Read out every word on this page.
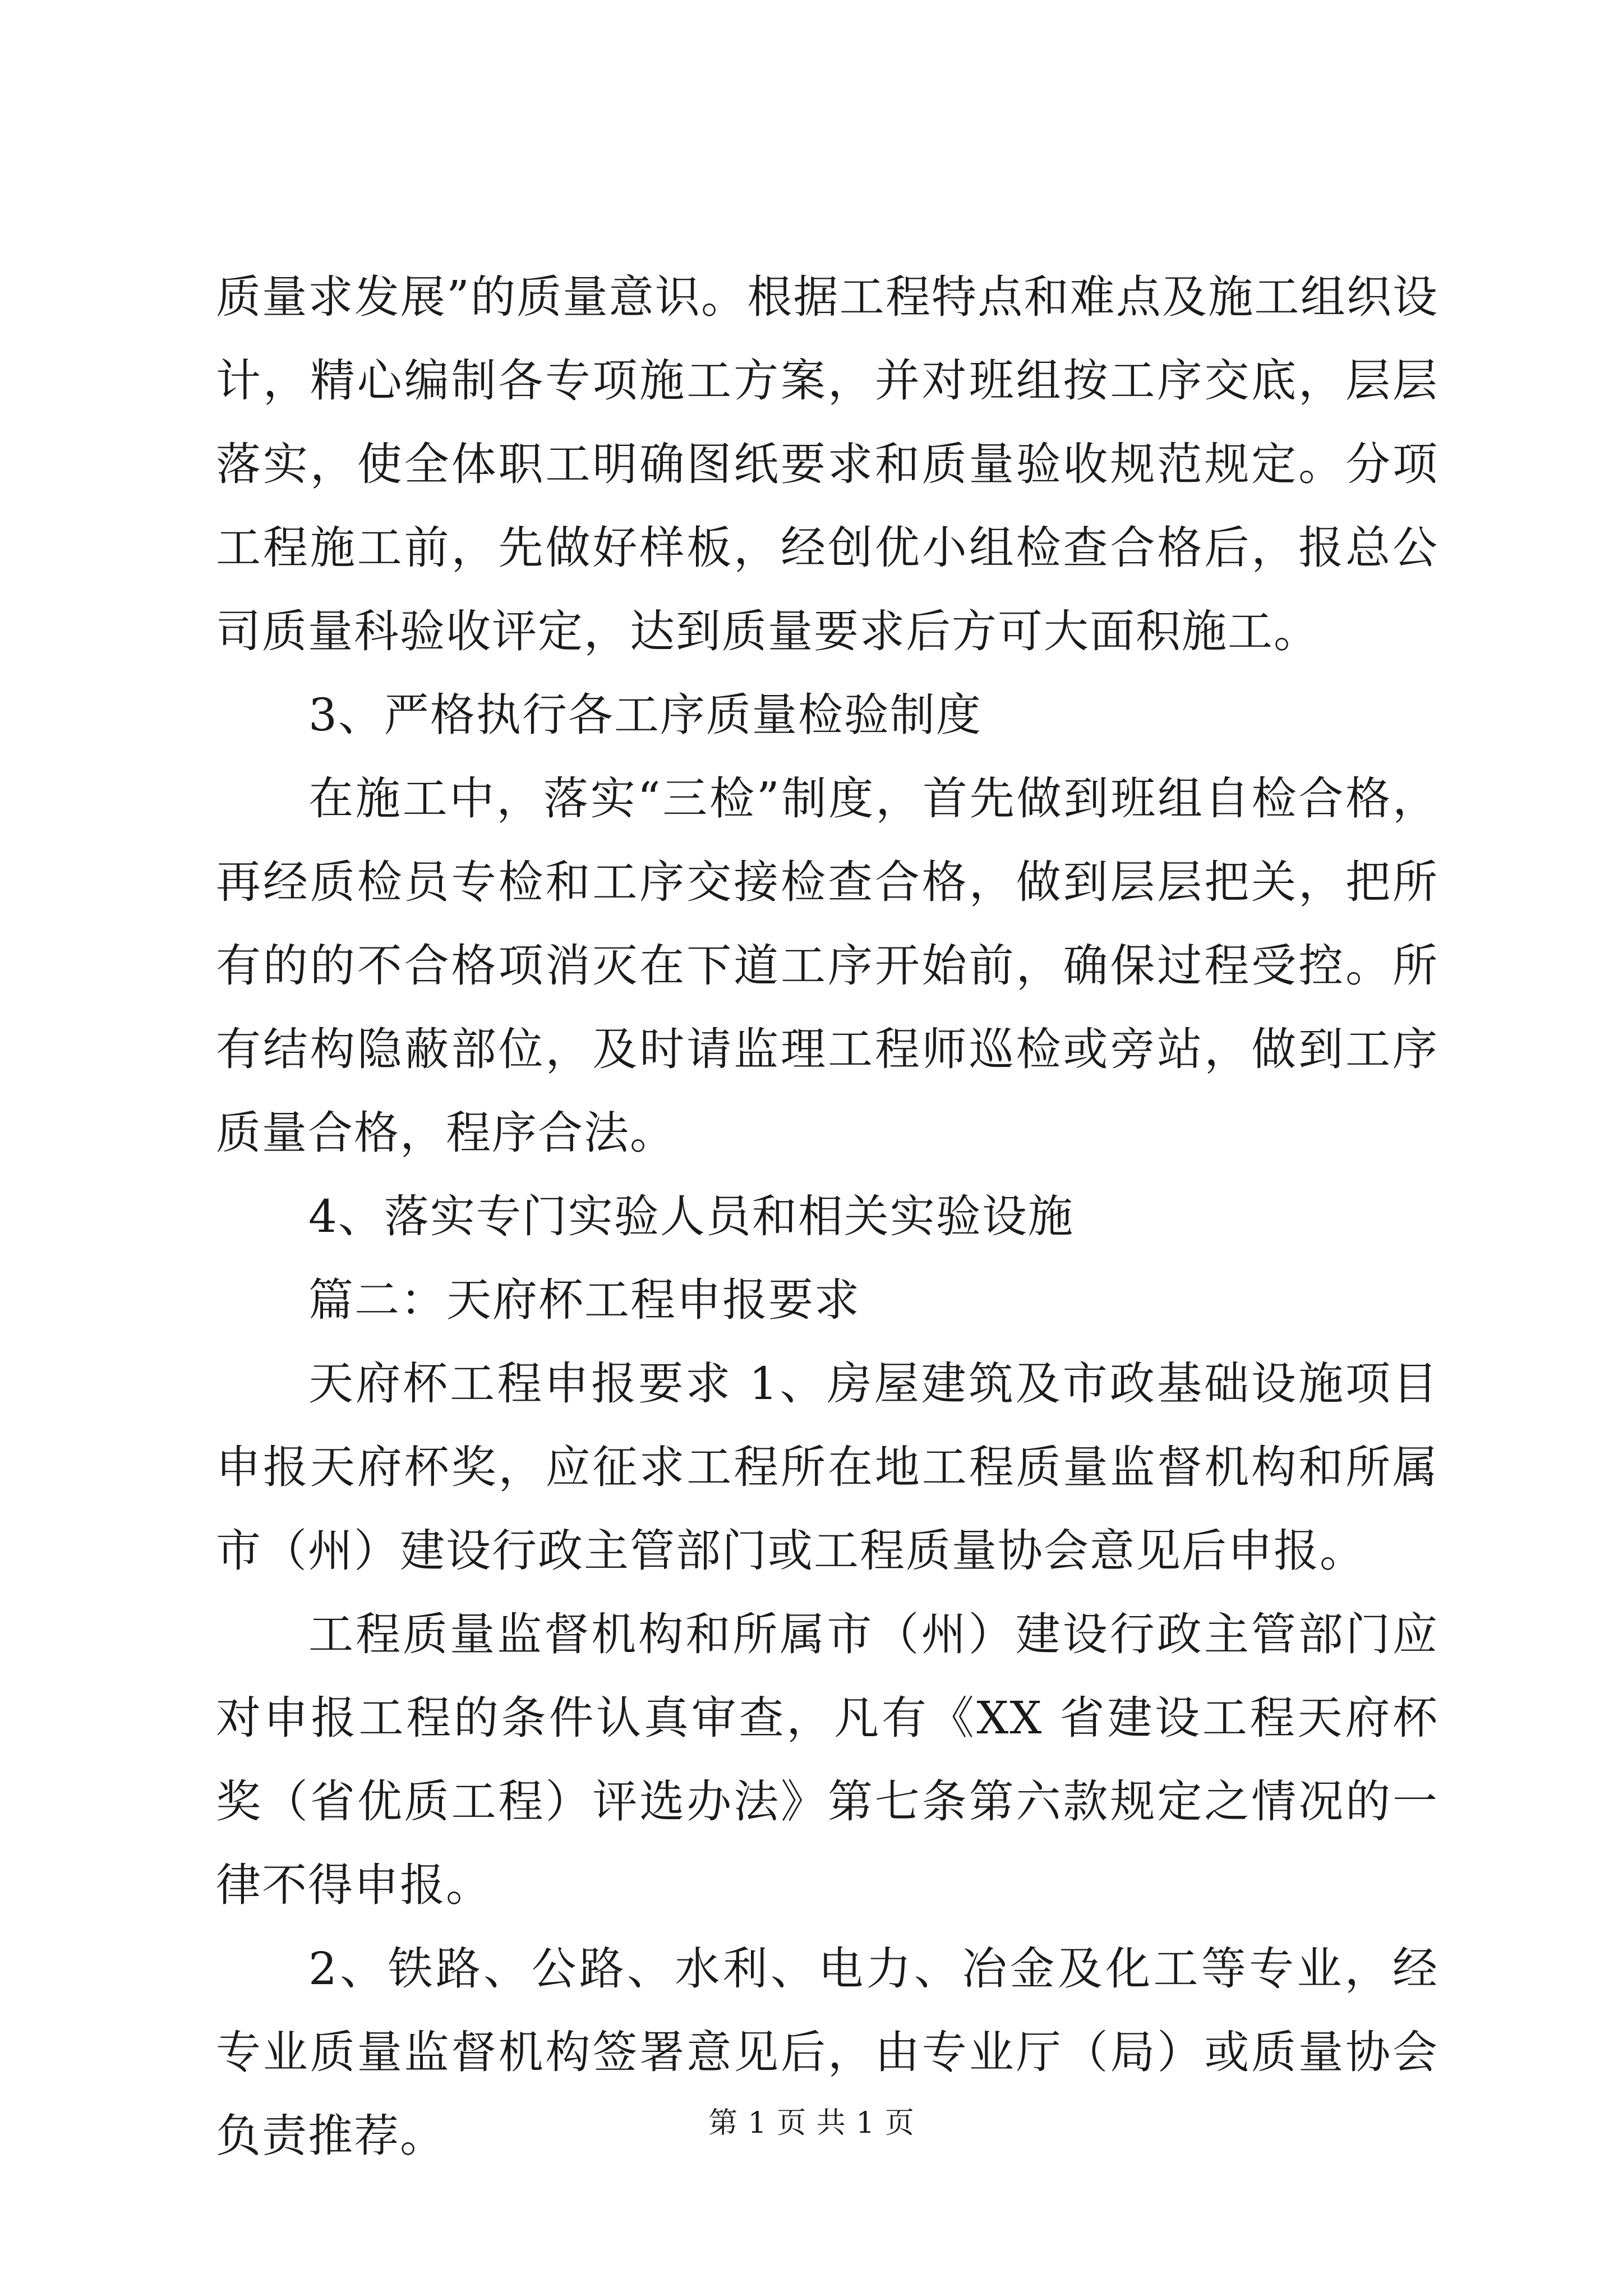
质量求发展”的质量意识。根据工程特点和难点及施工组织设计，精心编制各专项施工方案，并对班组按工序交底，层层落实，使全体职工明确图纸要求和质量验收规范规定。分项工程施工前，先做好样板，经创优小组检查合格后，报总公司质量科验收评定，达到质量要求后方可大面积施工。

3、严格执行各工序质量检验制度

在施工中，落实“三检”制度，首先做到班组自检合格，再经质检员专检和工序交接检查合格，做到层层把关，把所有的的不合格项消灭在下道工序开始前，确保过程受控。所有结构隐蔽部位，及时请监理工程师巡检或旁站，做到工序质量合格，程序合法。

4、落实专门实验人员和相关实验设施

篇二：天府杯工程申报要求

天府杯工程申报要求 1、房屋建筑及市政基础设施项目申报天府杯奖，应征求工程所在地工程质量监督机构和所属市（州）建设行政主管部门或工程质量协会意见后申报。

工程质量监督机构和所属市（州）建设行政主管部门应对申报工程的条件认真审查，凡有《XX 省建设工程天府杯奖（省优质工程）评选办法》第七条第六款规定之情况的一律不得申报。

2、铁路、公路、水利、电力、冶金及化工等专业，经专业质量监督机构签署意见后，由专业厅（局）或质量协会负责推荐。	第 1 页 共 1 页
